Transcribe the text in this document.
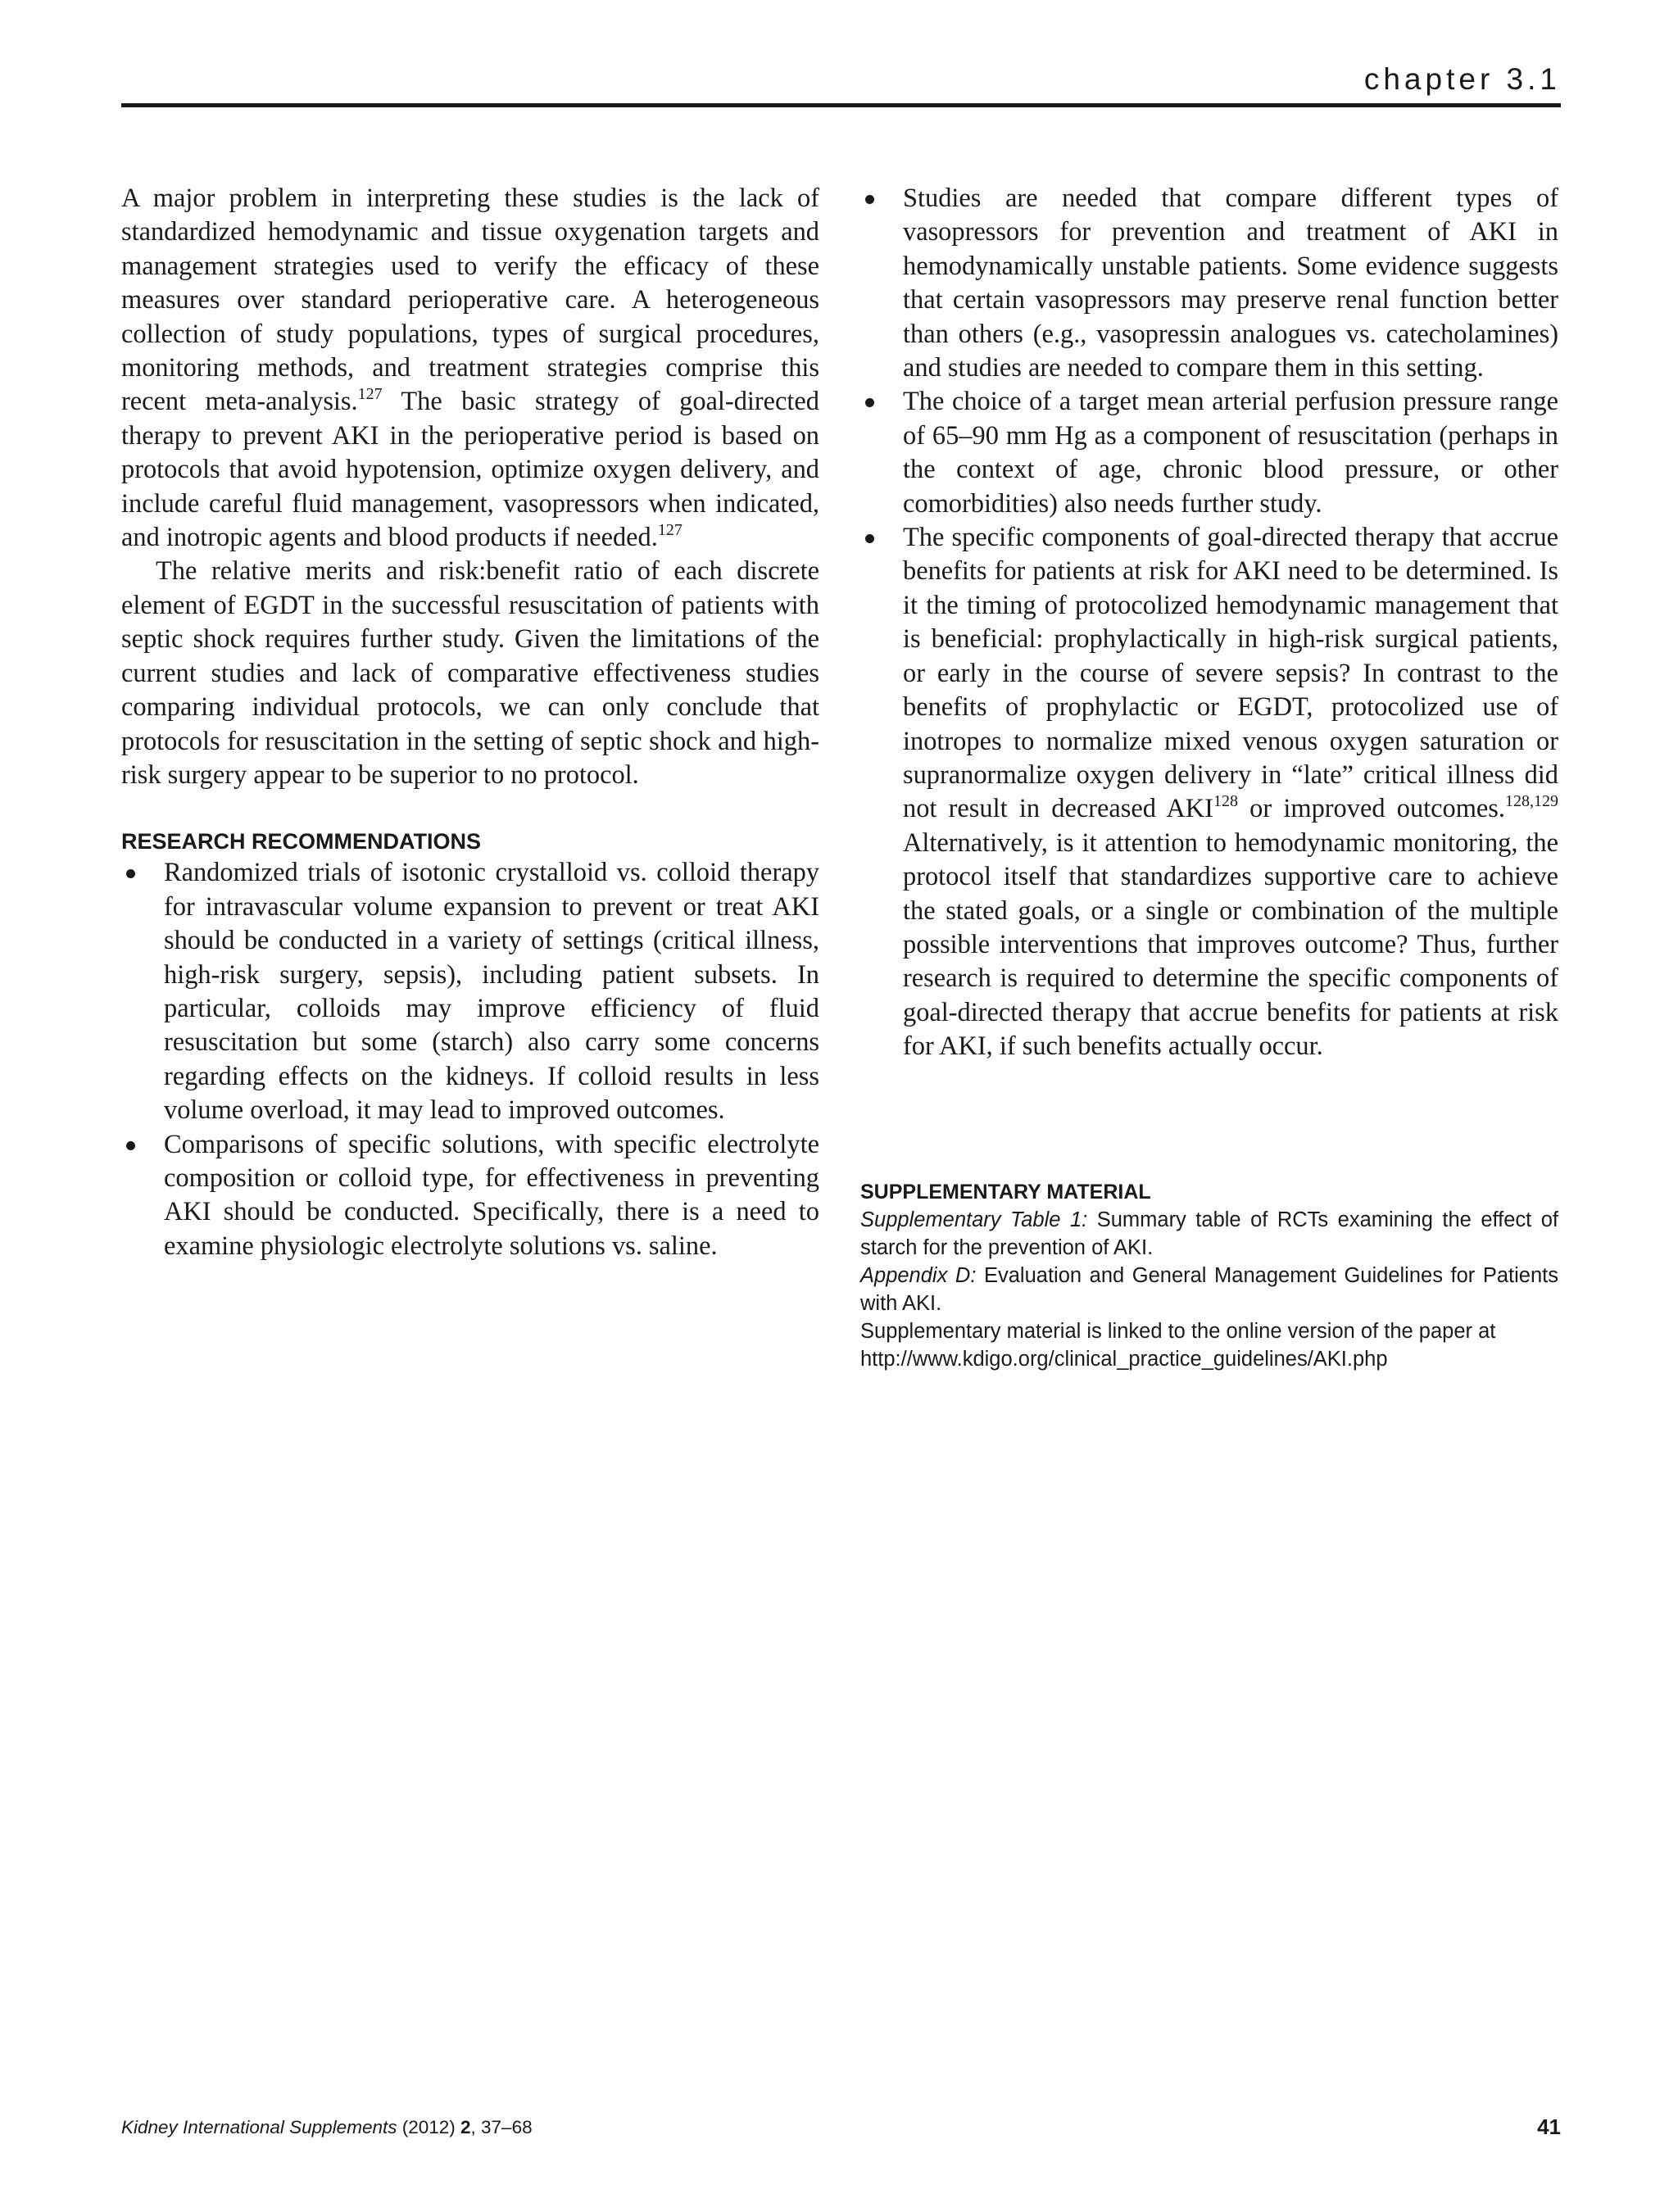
chapter 3.1

A major problem in interpreting these studies is the lack of standardized hemodynamic and tissue oxygenation targets and management strategies used to verify the efficacy of these measures over standard perioperative care. A heterogeneous collection of study populations, types of surgical procedures, monitoring methods, and treatment strategies comprise this recent meta-analysis.$^{127}$ The basic strategy of goal-directed therapy to prevent AKI in the perioperative period is based on protocols that avoid hypotension, optimize oxygen delivery, and include careful fluid management, vasopressors when indicated, and inotropic agents and blood products if needed.$^{127}$

The relative merits and risk:benefit ratio of each discrete element of EGDT in the successful resuscitation of patients with septic shock requires further study. Given the limitations of the current studies and lack of comparative effectiveness studies comparing individual protocols, we can only conclude that protocols for resuscitation in the setting of septic shock and high-risk surgery appear to be superior to no protocol.

RESEARCH RECOMMENDATIONS
Randomized trials of isotonic crystalloid vs. colloid therapy for intravascular volume expansion to prevent or treat AKI should be conducted in a variety of settings (critical illness, high-risk surgery, sepsis), including patient subsets. In particular, colloids may improve efficiency of fluid resuscitation but some (starch) also carry some concerns regarding effects on the kidneys. If colloid results in less volume overload, it may lead to improved outcomes.
Comparisons of specific solutions, with specific electrolyte composition or colloid type, for effectiveness in preventing AKI should be conducted. Specifically, there is a need to examine physiologic electrolyte solutions vs. saline.
Studies are needed that compare different types of vasopressors for prevention and treatment of AKI in hemodynamically unstable patients. Some evidence suggests that certain vasopressors may preserve renal function better than others (e.g., vasopressin analogues vs. catecholamines) and studies are needed to compare them in this setting.
The choice of a target mean arterial perfusion pressure range of 65–90 mm Hg as a component of resuscitation (perhaps in the context of age, chronic blood pressure, or other comorbidities) also needs further study.
The specific components of goal-directed therapy that accrue benefits for patients at risk for AKI need to be determined. Is it the timing of protocolized hemodynamic management that is beneficial: prophylactically in high-risk surgical patients, or early in the course of severe sepsis? In contrast to the benefits of prophylactic or EGDT, protocolized use of inotropes to normalize mixed venous oxygen saturation or supranormalize oxygen delivery in “late” critical illness did not result in decreased AKI$^{128}$ or improved outcomes.$^{128,129}$ Alternatively, is it attention to hemodynamic monitoring, the protocol itself that standardizes supportive care to achieve the stated goals, or a single or combination of the multiple possible interventions that improves outcome? Thus, further research is required to determine the specific components of goal-directed therapy that accrue benefits for patients at risk for AKI, if such benefits actually occur.
SUPPLEMENTARY MATERIAL
Supplementary Table 1: Summary table of RCTs examining the effect of starch for the prevention of AKI.
Appendix D: Evaluation and General Management Guidelines for Patients with AKI.
Supplementary material is linked to the online version of the paper at
http://www.kdigo.org/clinical_practice_guidelines/AKI.php
Kidney International Supplements (2012) 2, 37–68	41
